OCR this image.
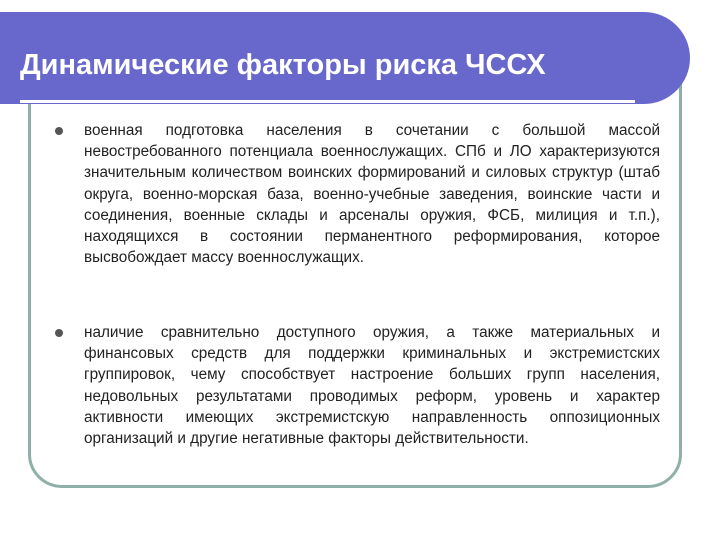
Динамические факторы риска ЧССХ

военная подготовка населения в сочетании с большой массой невостребованного потенциала военнослужащих. СПб и ЛО характеризуются значительным количеством воинских формирований и силовых структур (штаб округа, военно-морская база, военно-учебные заведения, воинские части и соединения, военные склады и арсеналы оружия, ФСБ, милиция и т.п.), находящихся в состоянии перманентного реформирования, которое высвобождает массу военнослужащих.

наличие сравнительно доступного оружия, а также материальных и финансовых средств для поддержки криминальных и экстремистских группировок, чему способствует настроение больших групп населения, недовольных результатами проводимых реформ, уровень и характер активности имеющих экстремистскую направленность оппозиционных организаций и другие негативные факторы действительности.
